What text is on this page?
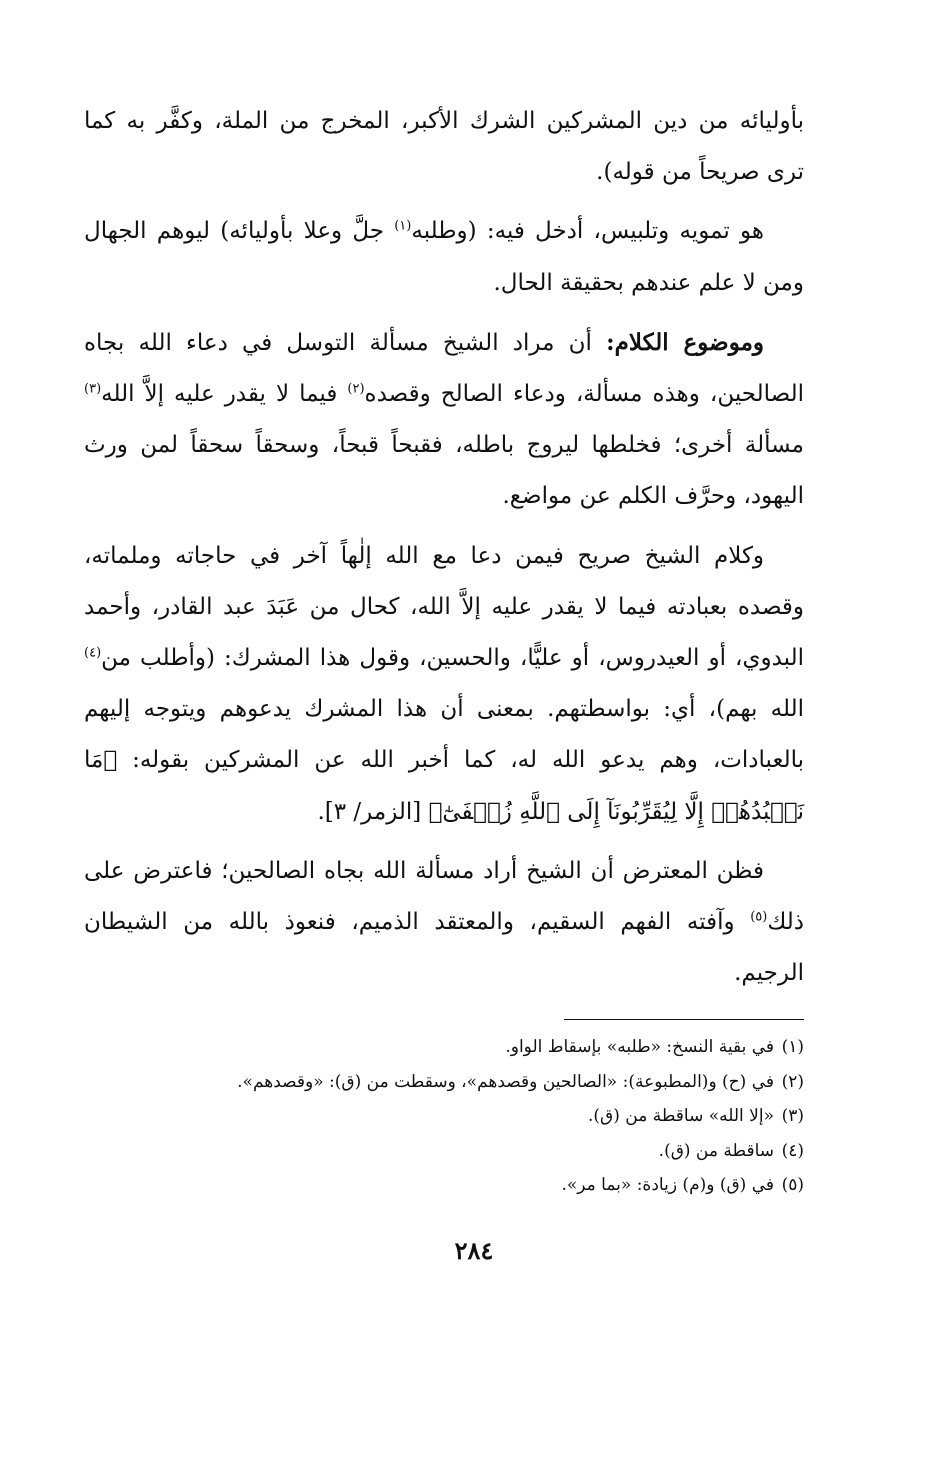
بأوليائه من دين المشركين الشرك الأكبر، المخرج من الملة، وكفَّر به كما ترى صريحاً من قوله).

هو تمويه وتلبيس، أدخل فيه: (وطلبه$^{(١)}$ جلَّ وعلا بأوليائه) ليوهم الجهال ومن لا علم عندهم بحقيقة الحال.

وموضوع الكلام: أن مراد الشيخ مسألة التوسل في دعاء الله بجاه الصالحين، وهذه مسألة، ودعاء الصالح وقصده$^{(٢)}$ فيما لا يقدر عليه إلاَّ الله$^{(٣)}$ مسألة أخرى؛ فخلطها ليروج باطله، فقبحاً قبحاً، وسحقاً سحقاً لمن ورث اليهود، وحرَّف الكلم عن مواضع.

وكلام الشيخ صريح فيمن دعا مع الله إلٰهاً آخر في حاجاته وملماته، وقصده بعبادته فيما لا يقدر عليه إلاَّ الله، كحال من عَبَدَ عبد القادر، وأحمد البدوي، أو العيدروس، أو عليًّا، والحسين، وقول هذا المشرك: (وأطلب من$^{(٤)}$ الله بهم)، أي: بواسطتهم. بمعنى أن هذا المشرك يدعوهم ويتوجه إليهم بالعبادات، وهم يدعو الله له، كما أخبر الله عن المشركين بقوله: ﴿مَا نَعۡبُدُهُمۡ إِلَّا لِيُقَرِّبُونَآ إِلَى ٱللَّهِ زُلۡفَىٰٓ﴾ [الزمر/ ٣].

فظن المعترض أن الشيخ أراد مسألة الله بجاه الصالحين؛ فاعترض على ذلك$^{(٥)}$ وآفته الفهم السقيم، والمعتقد الذميم، فنعوذ بالله من الشيطان الرجيم.

(١)في بقية النسخ: «طلبه» بإسقاط الواو.
(٢)في (ح) و(المطبوعة): «الصالحين وقصدهم»، وسقطت من (ق): «وقصدهم».
(٣)«إلا الله» ساقطة من (ق).
(٤)ساقطة من (ق).
(٥)في (ق) و(م) زيادة: «بما مر».
٢٨٤
